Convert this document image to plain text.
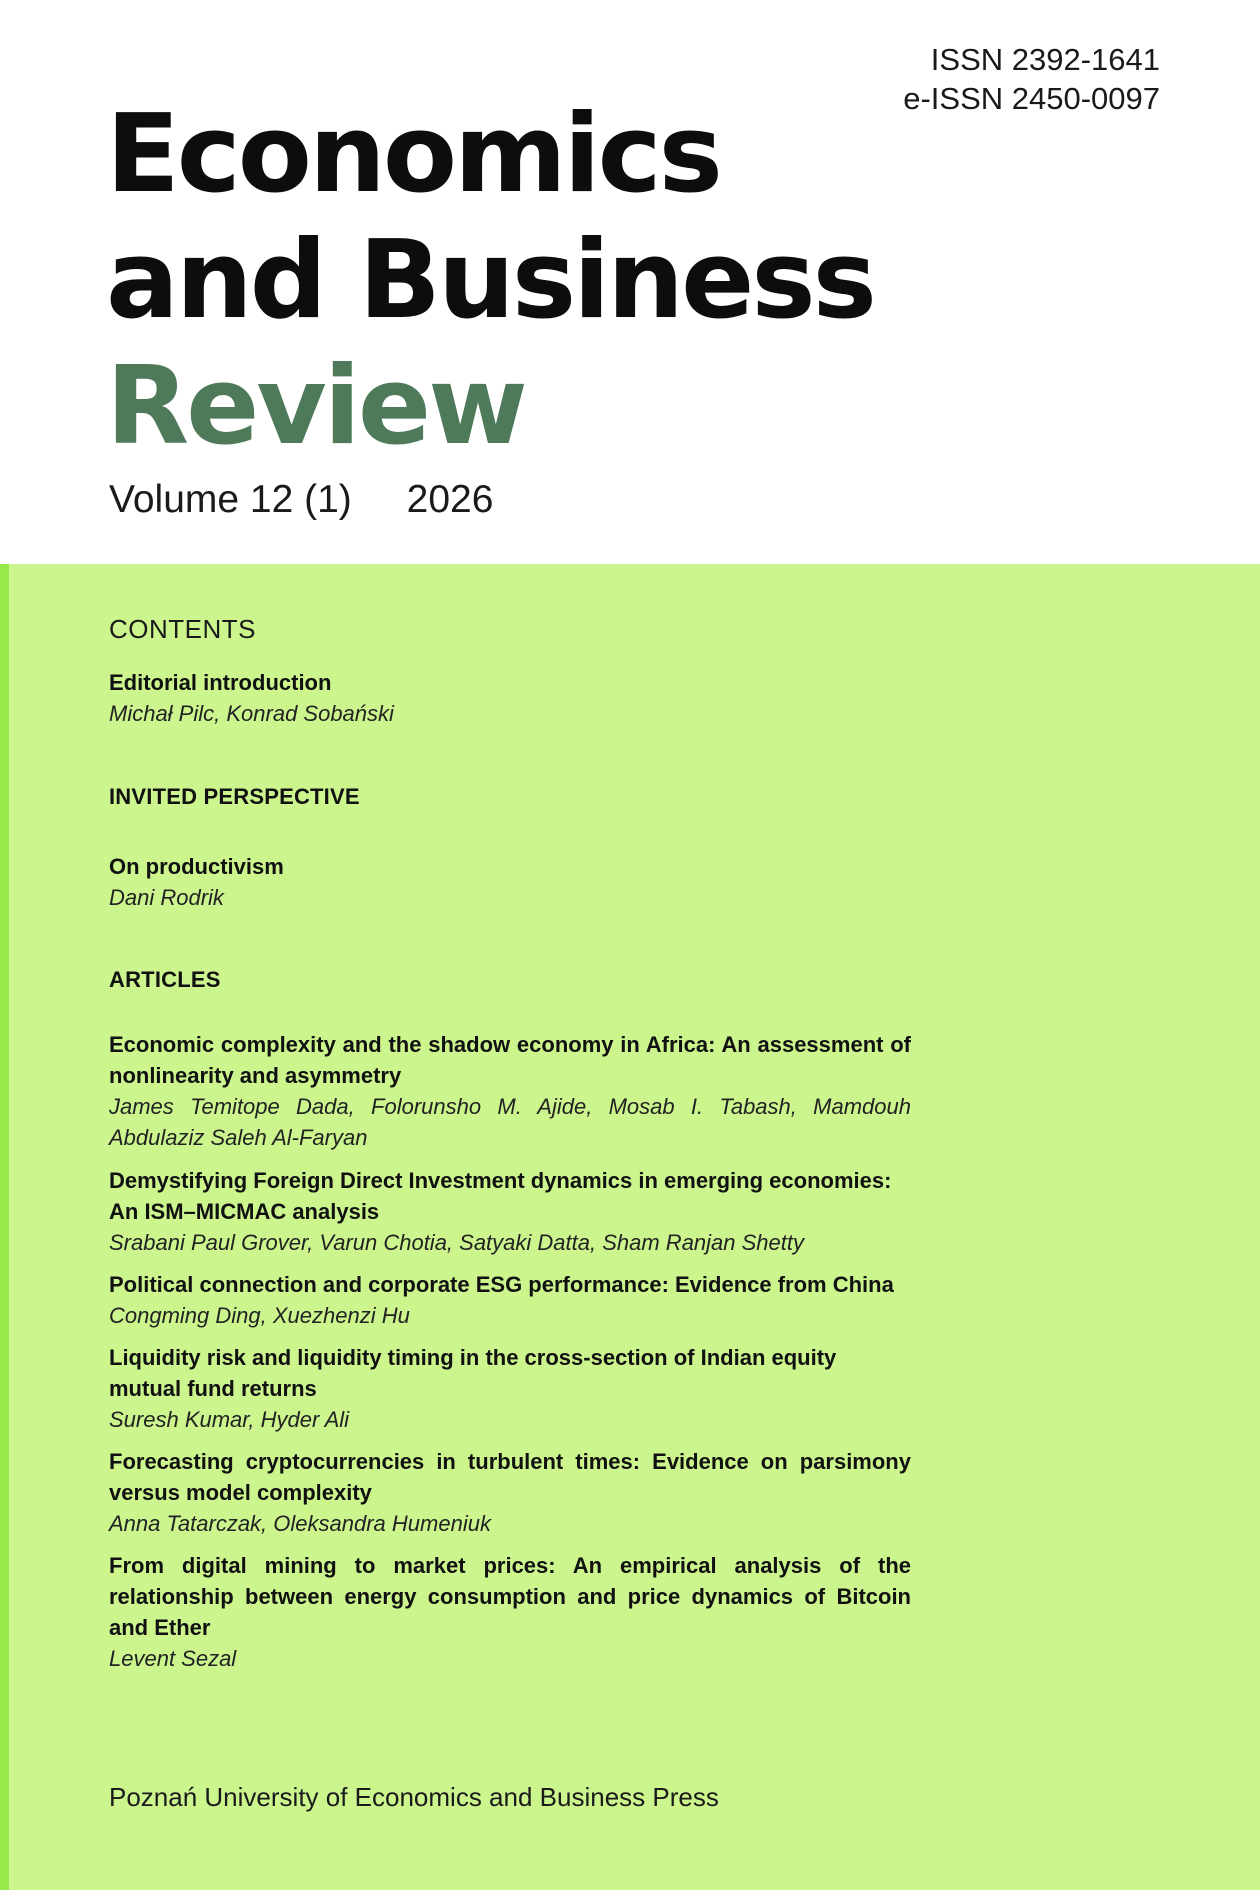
ISSN 2392-1641
e-ISSN 2450-0097
Economics
and Business
Review
Volume 12 (1) 2026
CONTENTS
Editorial introduction
Michał Pilc, Konrad Sobański
INVITED PERSPECTIVE
On productivism
Dani Rodrik
ARTICLES
Economic complexity and the shadow economy in Africa: An assessment of nonlinearity and asymmetry
James Temitope Dada, Folorunsho M. Ajide, Mosab I. Tabash, Mamdouh Abdulaziz Saleh Al-Faryan
Demystifying Foreign Direct Investment dynamics in emerging economies: An ISM–MICMAC analysis
Srabani Paul Grover, Varun Chotia, Satyaki Datta, Sham Ranjan Shetty
Political connection and corporate ESG performance: Evidence from China
Congming Ding, Xuezhenzi Hu
Liquidity risk and liquidity timing in the cross-section of Indian equity mutual fund returns
Suresh Kumar, Hyder Ali
Forecasting cryptocurrencies in turbulent times: Evidence on parsimony versus model complexity
Anna Tatarczak, Oleksandra Humeniuk
From digital mining to market prices: An empirical analysis of the relationship between energy consumption and price dynamics of Bitcoin and Ether
Levent Sezal
Poznań University of Economics and Business Press
